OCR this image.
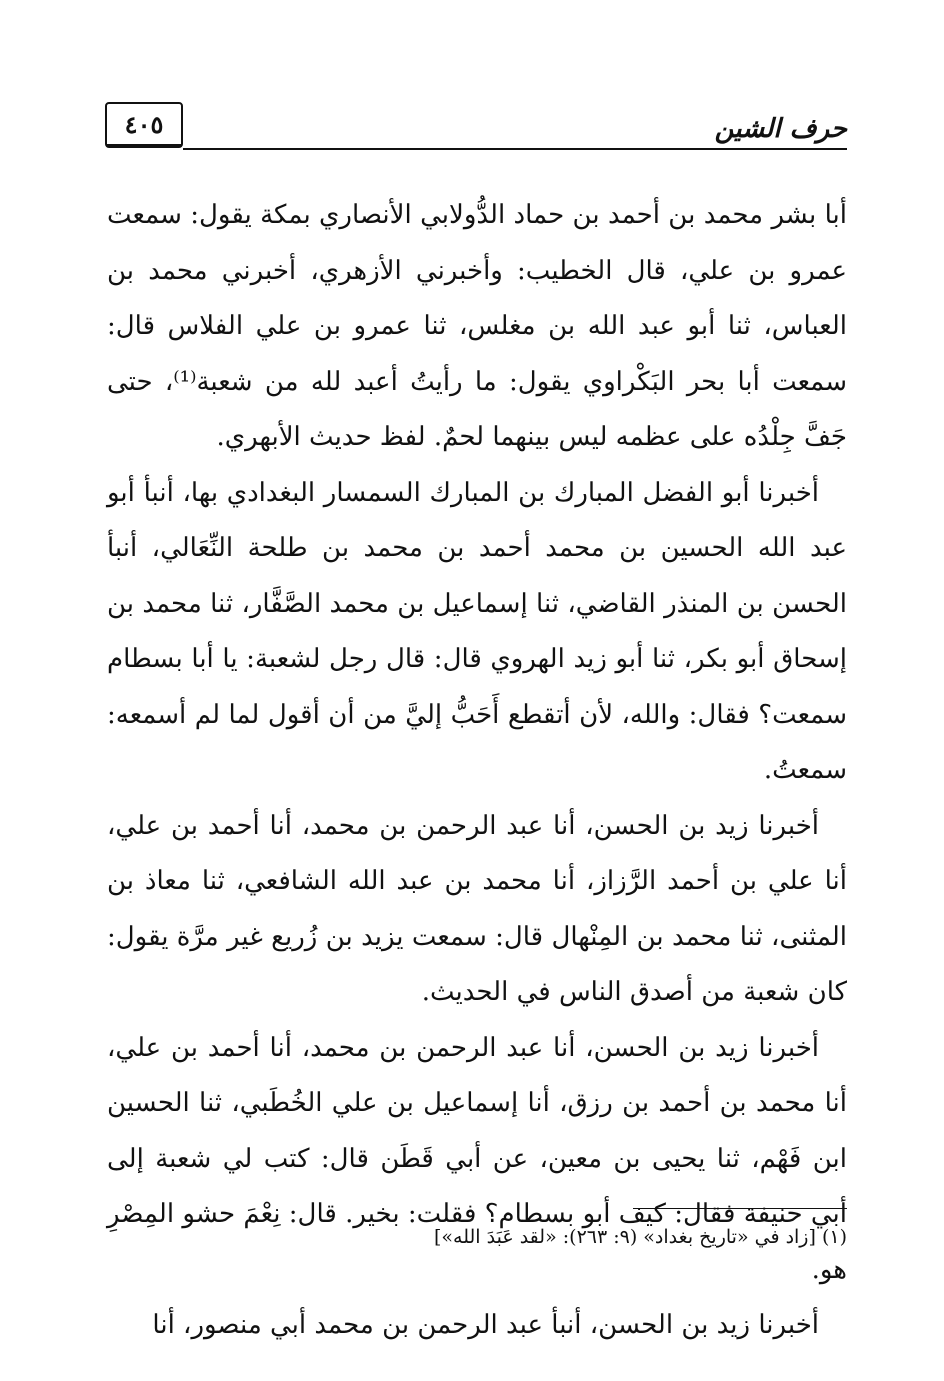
٤٠٥	حرف الشين

أبا بشر محمد بن أحمد بن حماد الدُّولابي الأنصاري بمكة يقول: سمعت عمرو بن علي، قال الخطيب: وأخبرني الأزهري، أخبرني محمد بن العباس، ثنا أبو عبد الله بن مغلس، ثنا عمرو بن علي الفلاس قال: سمعت أبا بحر البَكْراوي يقول: ما رأيتُ أعبد لله من شعبة⁽¹⁾، حتى جَفَّ جِلْدُه على عظمه ليس بينهما لحمٌ. لفظ حديث الأبهري.

أخبرنا أبو الفضل المبارك بن المبارك السمسار البغدادي بها، أنبأ أبو عبد الله الحسين بن محمد أحمد بن محمد بن طلحة النِّعَالي، أنبأ الحسن بن المنذر القاضي، ثنا إسماعيل بن محمد الصَّفَّار، ثنا محمد بن إسحاق أبو بكر، ثنا أبو زيد الهروي قال: قال رجل لشعبة: يا أبا بسطام سمعت؟ فقال: والله، لأن أتقطع أَحَبُّ إليَّ من أن أقول لما لم أسمعه: سمعتُ.

أخبرنا زيد بن الحسن، أنا عبد الرحمن بن محمد، أنا أحمد بن علي، أنا علي بن أحمد الرَّزاز، أنا محمد بن عبد الله الشافعي، ثنا معاذ بن المثنى، ثنا محمد بن المِنْهال قال: سمعت يزيد بن زُريع غير مرَّة يقول: كان شعبة من أصدق الناس في الحديث.

أخبرنا زيد بن الحسن، أنا عبد الرحمن بن محمد، أنا أحمد بن علي، أنا محمد بن أحمد بن رزق، أنا إسماعيل بن علي الخُطَبي، ثنا الحسين ابن فَهْم، ثنا يحيى بن معين، عن أبي قَطَن قال: كتب لي شعبة إلى أبي حنيفة فقال: كيف أبو بسطام؟ فقلت: بخير. قال: نِعْمَ حشو المِصْرِ هو.

أخبرنا زيد بن الحسن، أنبأ عبد الرحمن بن محمد أبي منصور، أنا

(١) [زاد في «تاريخ بغداد» (٩: ٢٦٣): «لقد عَبَدَ الله»]
